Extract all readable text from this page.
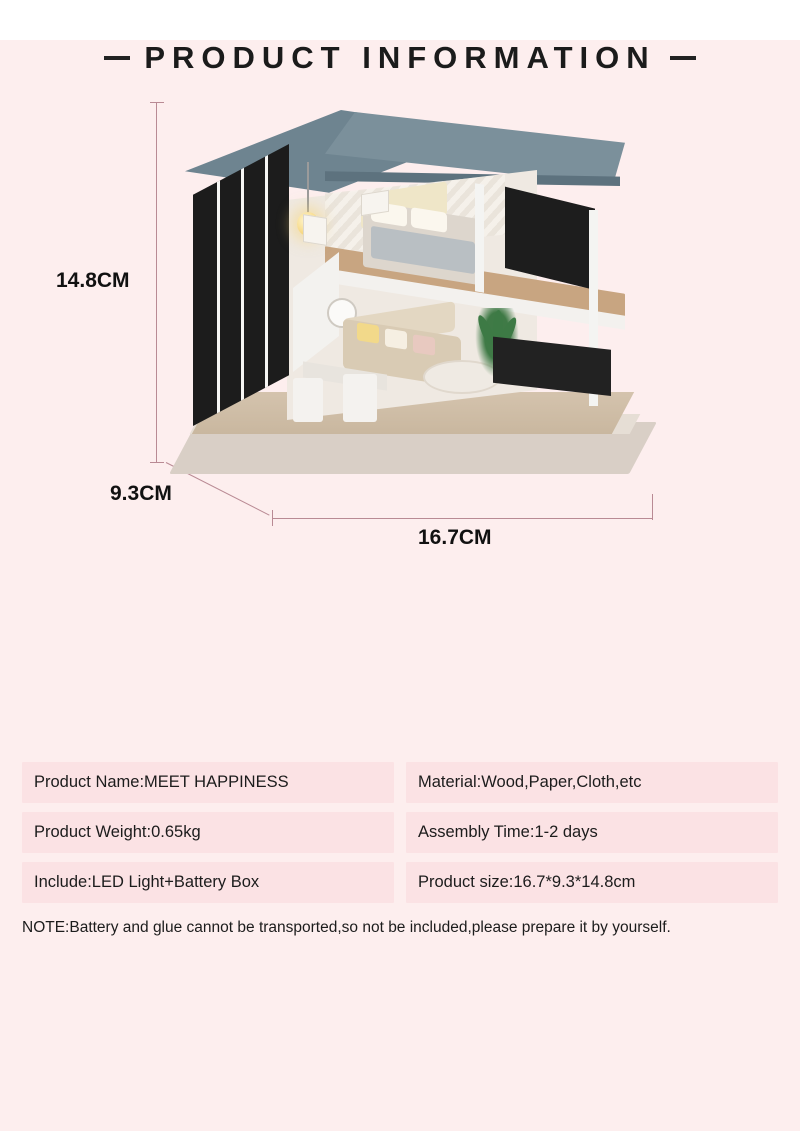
PRODUCT INFORMATION
14.8CM
9.3CM
16.7CM
Product Name:MEET HAPPINESS	Material:Wood,Paper,Cloth,etc
Product Weight:0.65kg	Assembly Time:1-2 days
Include:LED Light+Battery Box	Product size:16.7*9.3*14.8cm
NOTE:Battery and glue cannot be transported,so not be included,please prepare it by yourself.
